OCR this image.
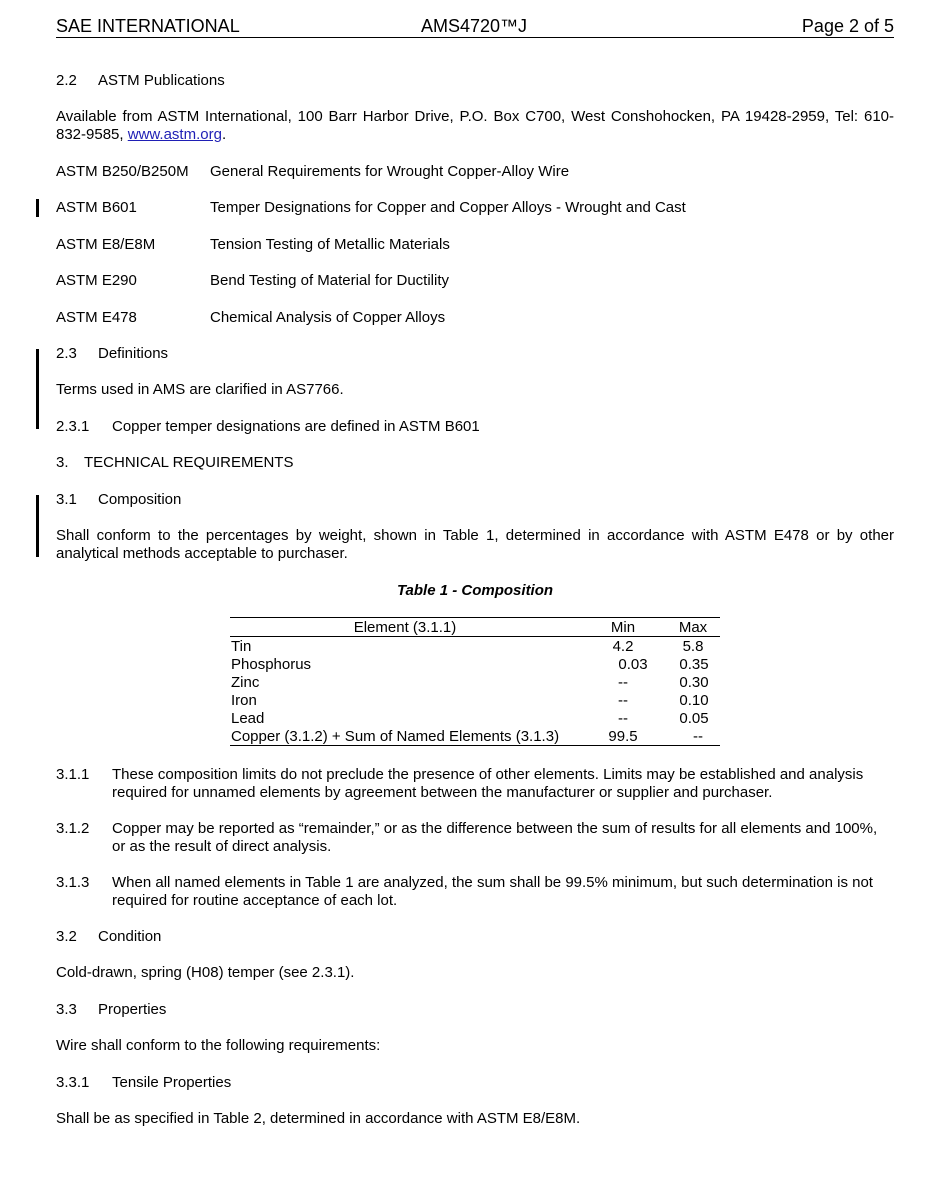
SAE INTERNATIONAL	AMS4720™J	Page 2 of 5
2.2 ASTM Publications
Available from ASTM International, 100 Barr Harbor Drive, P.O. Box C700, West Conshohocken, PA 19428-2959, Tel: 610-832-9585, www.astm.org.
ASTM B250/B250M General Requirements for Wrought Copper-Alloy Wire
ASTM B601	Temper Designations for Copper and Copper Alloys - Wrought and Cast
ASTM E8/E8M	Tension Testing of Metallic Materials
ASTM E290	Bend Testing of Material for Ductility
ASTM E478	Chemical Analysis of Copper Alloys
2.3 Definitions
Terms used in AMS are clarified in AS7766.
2.3.1 Copper temper designations are defined in ASTM B601
3. TECHNICAL REQUIREMENTS
3.1 Composition
Shall conform to the percentages by weight, shown in Table 1, determined in accordance with ASTM E478 or by other analytical methods acceptable to purchaser.
Table 1 - Composition
Element (3.1.1)	Min	Max
Tin	4.2	5.8
Phosphorus	0.03	0.35
Zinc	--	0.30
Iron	--	0.10
Lead	--	0.05
Copper (3.1.2) + Sum of Named Elements (3.1.3)	99.5	--
3.1.1 These composition limits do not preclude the presence of other elements. Limits may be established and analysis required for unnamed elements by agreement between the manufacturer or supplier and purchaser.
3.1.2 Copper may be reported as “remainder,” or as the difference between the sum of results for all elements and 100%, or as the result of direct analysis.
3.1.3 When all named elements in Table 1 are analyzed, the sum shall be 99.5% minimum, but such determination is not required for routine acceptance of each lot.
3.2 Condition
Cold-drawn, spring (H08) temper (see 2.3.1).
3.3 Properties
Wire shall conform to the following requirements:
3.3.1 Tensile Properties
Shall be as specified in Table 2, determined in accordance with ASTM E8/E8M.
